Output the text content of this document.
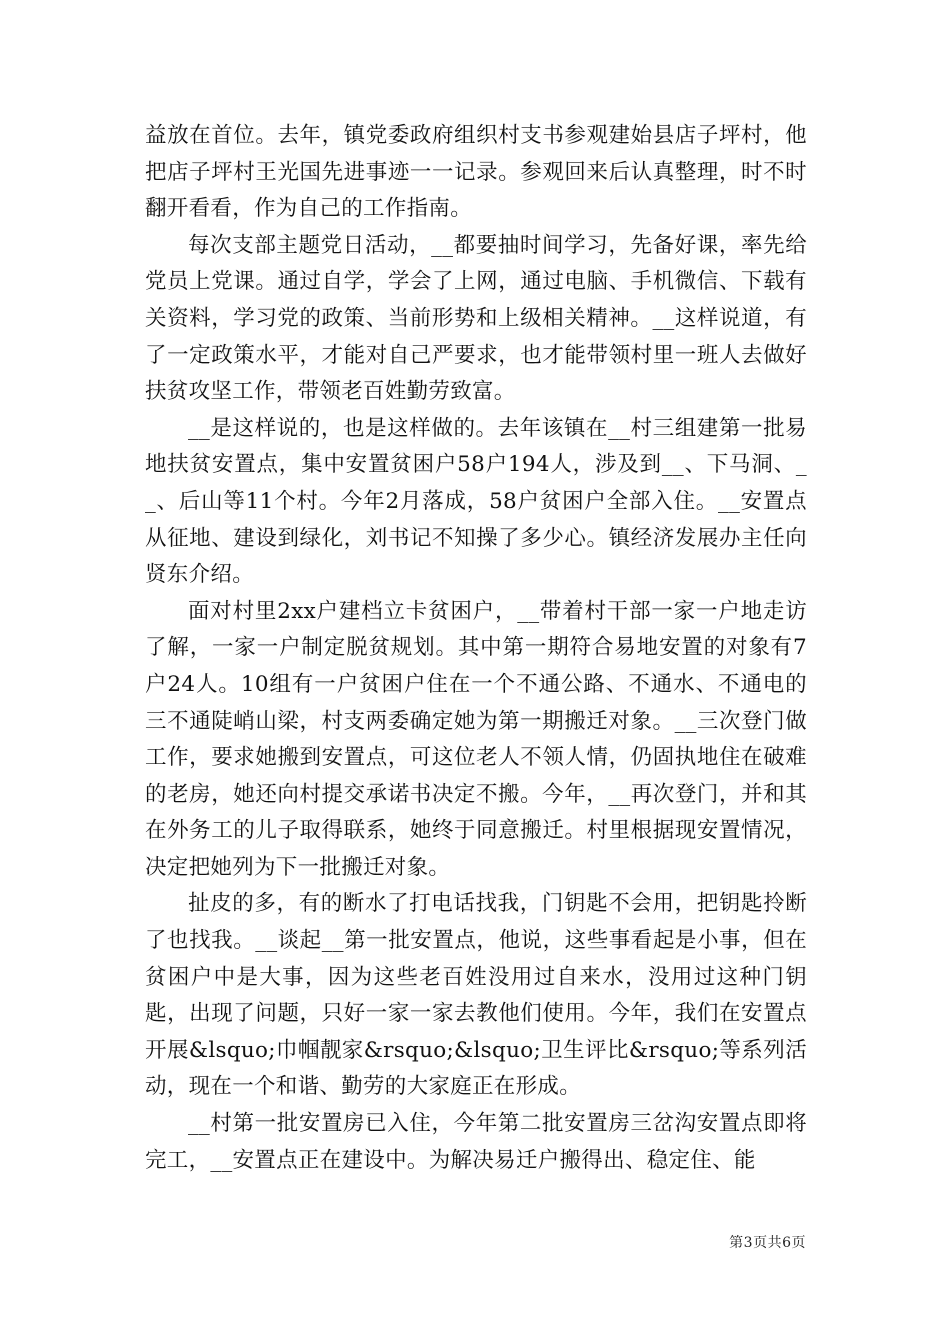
益放在首位。去年，镇党委政府组织村支书参观建始县店子坪村，他把店子坪村王光国先进事迹一一记录。参观回来后认真整理，时不时翻开看看，作为自己的工作指南。

每次支部主题党日活动，__都要抽时间学习，先备好课，率先给党员上党课。通过自学，学会了上网，通过电脑、手机微信、下载有关资料，学习党的政策、当前形势和上级相关精神。__这样说道，有了一定政策水平，才能对自己严要求，也才能带领村里一班人去做好扶贫攻坚工作，带领老百姓勤劳致富。

__是这样说的，也是这样做的。去年该镇在__村三组建第一批易地扶贫安置点，集中安置贫困户58户194人，涉及到__、下马洞、__、后山等11个村。今年2月落成，58户贫困户全部入住。__安置点从征地、建设到绿化，刘书记不知操了多少心。镇经济发展办主任向贤东介绍。

面对村里2xx户建档立卡贫困户，__带着村干部一家一户地走访了解，一家一户制定脱贫规划。其中第一期符合易地安置的对象有7户24人。10组有一户贫困户住在一个不通公路、不通水、不通电的三不通陡峭山梁，村支两委确定她为第一期搬迁对象。__三次登门做工作，要求她搬到安置点，可这位老人不领人情，仍固执地住在破难的老房，她还向村提交承诺书决定不搬。今年，__再次登门，并和其在外务工的儿子取得联系，她终于同意搬迁。村里根据现安置情况，决定把她列为下一批搬迁对象。

扯皮的多，有的断水了打电话找我，门钥匙不会用，把钥匙拎断了也找我。__谈起__第一批安置点，他说，这些事看起是小事，但在贫困户中是大事，因为这些老百姓没用过自来水，没用过这种门钥匙，出现了问题，只好一家一家去教他们使用。今年，我们在安置点开展&lsquo;巾帼靓家&rsquo;&lsquo;卫生评比&rsquo;等系列活动，现在一个和谐、勤劳的大家庭正在形成。

__村第一批安置房已入住，今年第二批安置房三岔沟安置点即将完工，__安置点正在建设中。为解决易迁户搬得出、稳定住、能

第3页共6页
